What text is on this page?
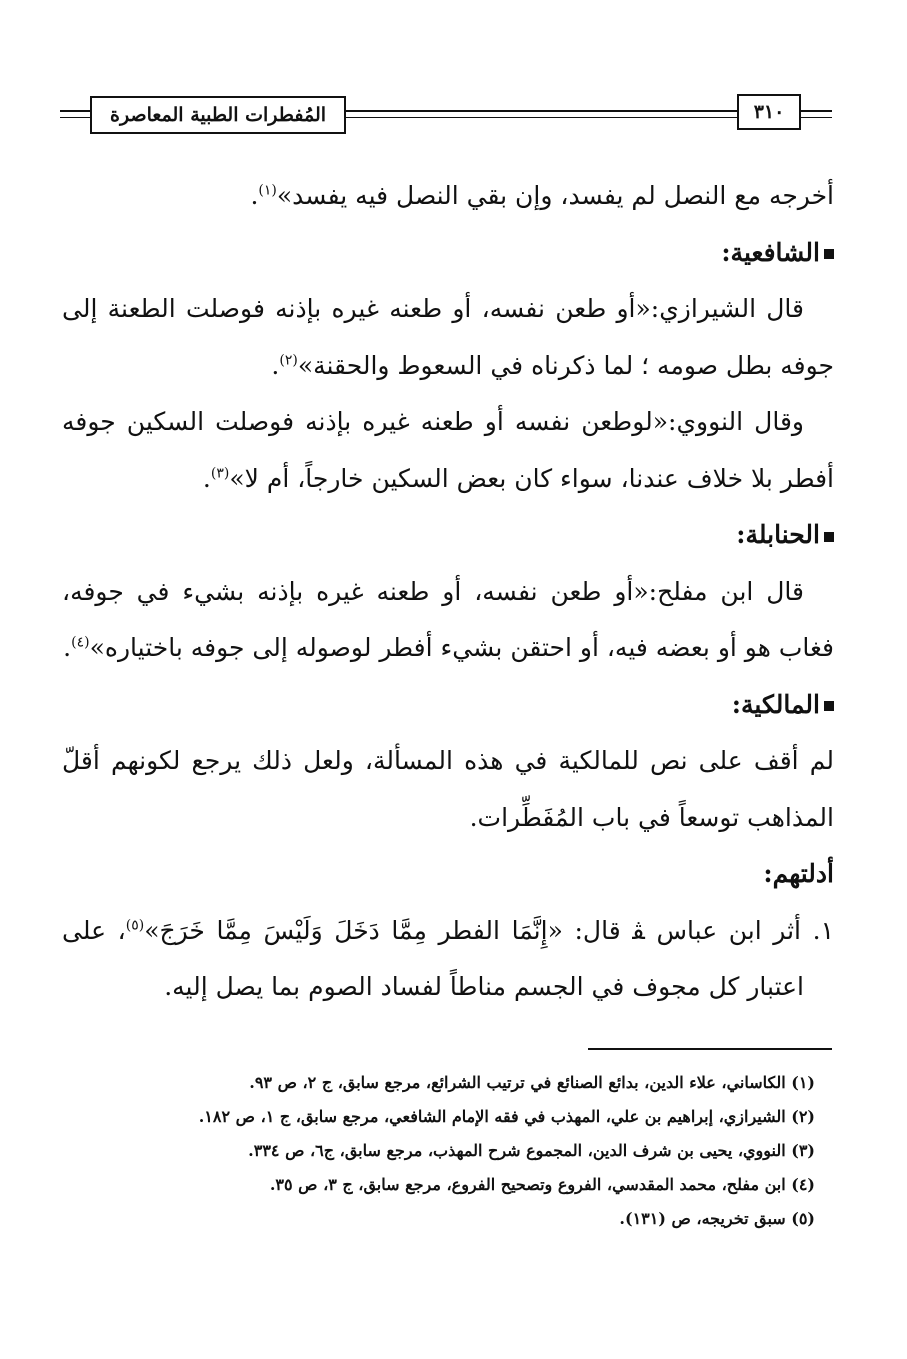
المُفطرات الطبية المعاصرة	٣١٠

أخرجه مع النصل لم يفسد، وإن بقي النصل فيه يفسد»$^{(١)}$.

الشافعية:

قال الشيرازي:«أو طعن نفسه، أو طعنه غيره بإذنه فوصلت الطعنة إلى جوفه بطل صومه ؛ لما ذكرناه في السعوط والحقنة»$^{(٢)}$.

وقال النووي:«لوطعن نفسه أو طعنه غيره بإذنه فوصلت السكين جوفه أفطر بلا خلاف عندنا، سواء كان بعض السكين خارجاً، أم لا»$^{(٣)}$.

الحنابلة:

قال ابن مفلح:«أو طعن نفسه، أو طعنه غيره بإذنه بشيء في جوفه، فغاب هو أو بعضه فيه، أو احتقن بشيء أفطر لوصوله إلى جوفه باختياره»$^{(٤)}$.

المالكية:

لم أقف على نص للمالكية في هذه المسألة، ولعل ذلك يرجع لكونهم أقلّ المذاهب توسعاً في باب المُفَطِّرات.

أدلتهم:

١. أثر ابن عباس ﭭ قال: «إِنَّمَا الفطر مِمَّا دَخَلَ وَلَيْسَ مِمَّا خَرَجَ»$^{(٥)}$، على اعتبار كل مجوف في الجسم مناطاً لفساد الصوم بما يصل إليه.

(١) الكاساني، علاء الدين، بدائع الصنائع في ترتيب الشرائع، مرجع سابق، ج ٢، ص ٩٣.
(٢) الشيرازي، إبراهيم بن علي، المهذب في فقه الإمام الشافعي، مرجع سابق، ج ١، ص ١٨٢.
(٣) النووي، يحيى بن شرف الدين، المجموع شرح المهذب، مرجع سابق، ج٦، ص ٣٣٤.
(٤) ابن مفلح، محمد المقدسي، الفروع وتصحيح الفروع، مرجع سابق، ج ٣، ص ٣٥.
(٥) سبق تخريجه، ص (١٣١).
